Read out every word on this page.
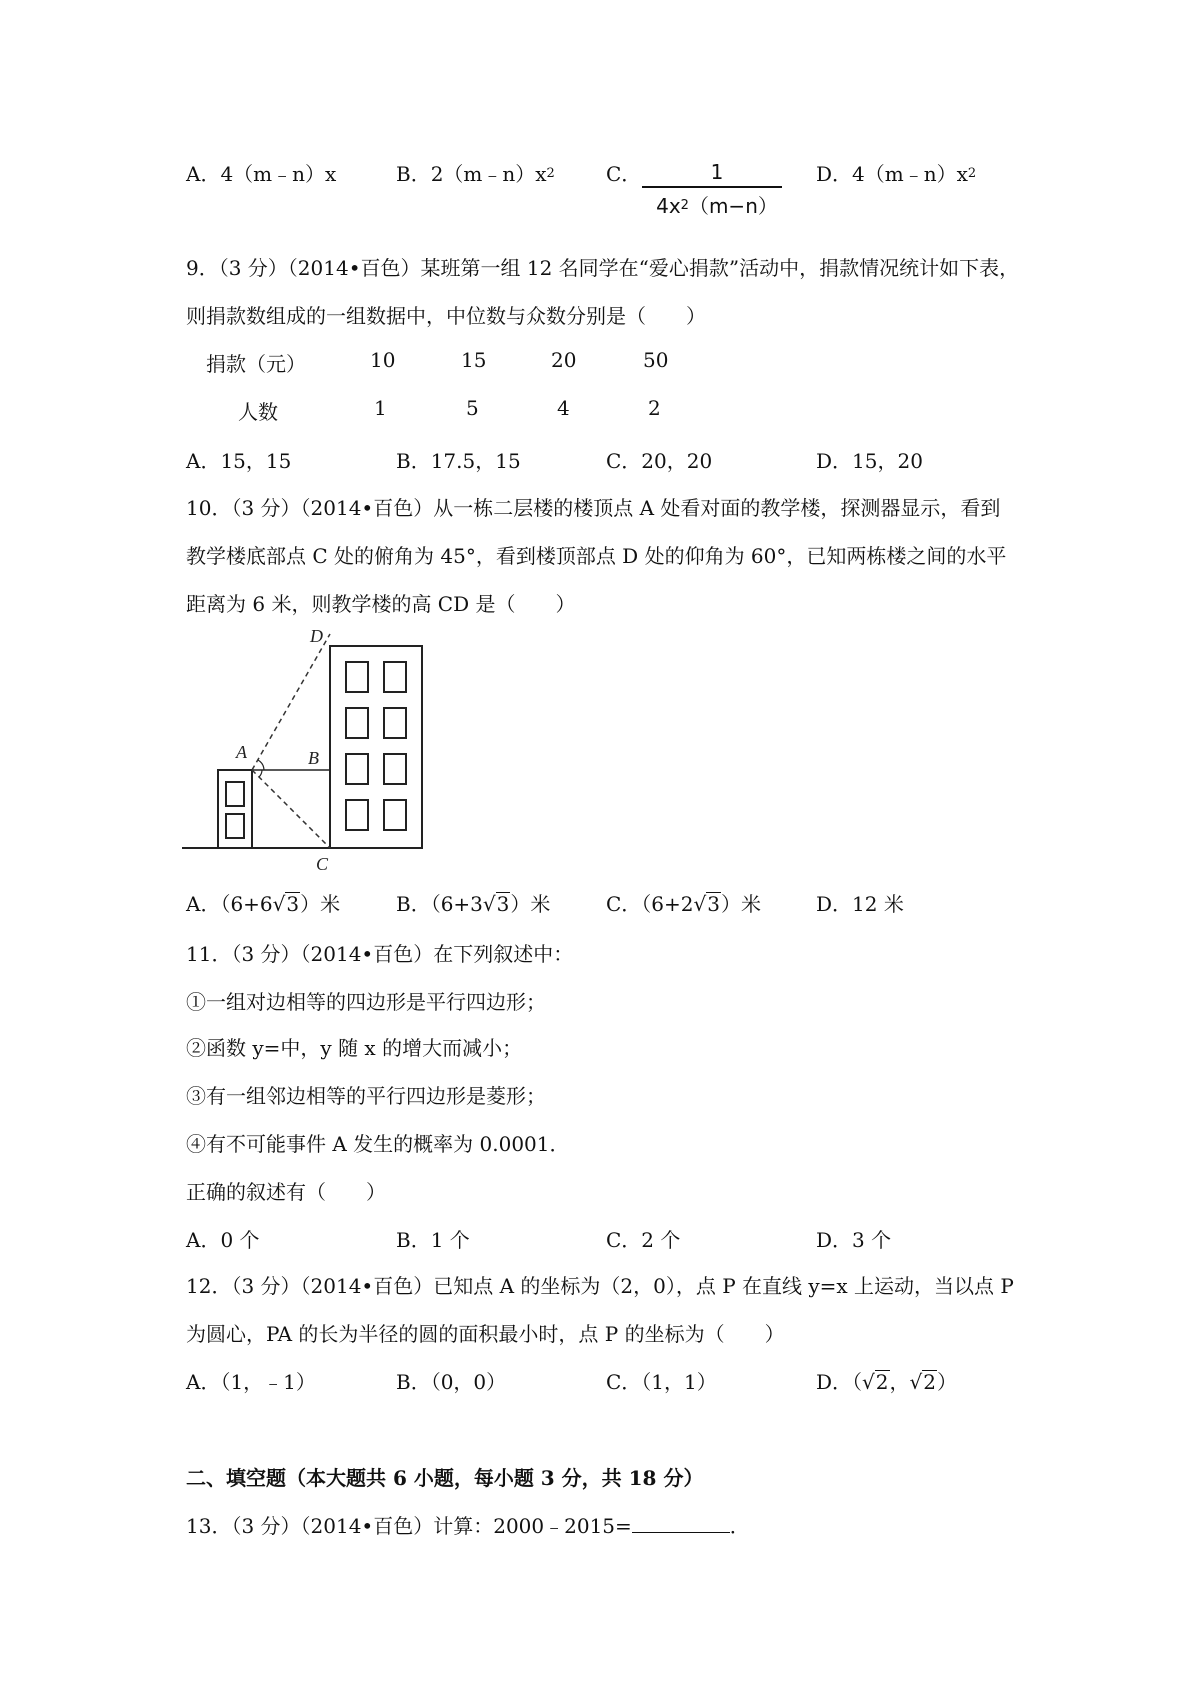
A．4（m﹣n）x	B．$2(m﹣n)x^2$	C．	1
$4x^2(m-n)$
D．$4(m﹣n)x^2$
9．（3 分）（2014•百色）某班第一组 12 名同学在“爱心捐款”活动中，捐款情况统计如下表，
则捐款数组成的一组数据中，中位数与众数分别是（　　）
捐款（元）	10	15	20	50
人数	1	5	4	2
A．15，15	B．17.5，15	C．20，20	D．15，20
10．（3 分）（2014•百色）从一栋二层楼的楼顶点 A 处看对面的教学楼，探测器显示，看到
教学楼底部点 C 处的俯角为 45°，看到楼顶部点 D 处的仰角为 60°，已知两栋楼之间的水平
距离为 6 米，则教学楼的高 CD 是（　　）
D
A	B
C
A．（6+6√3）米	B．（6+3√3）米	C．（6+2√3）米	D．12 米
11．（3 分）（2014•百色）在下列叙述中：
①一组对边相等的四边形是平行四边形；
②函数 y=中，y 随 x 的增大而减小；
③有一组邻边相等的平行四边形是菱形；
④有不可能事件 A 发生的概率为 0.0001．
正确的叙述有（　　）
A．0 个	B．1 个	C．2 个	D．3 个
12．（3 分）（2014•百色）已知点 A 的坐标为（2，0），点 P 在直线 y=x 上运动，当以点 P
为圆心，PA 的长为半径的圆的面积最小时，点 P 的坐标为（　　）
A．（1，﹣1）	B．（0，0）	C．（1，1）	D．（√2，√2）
二、填空题（本大题共 6 小题，每小题 3 分，共 18 分）
13．（3 分）（2014•百色）计算：2000﹣2015=	．
